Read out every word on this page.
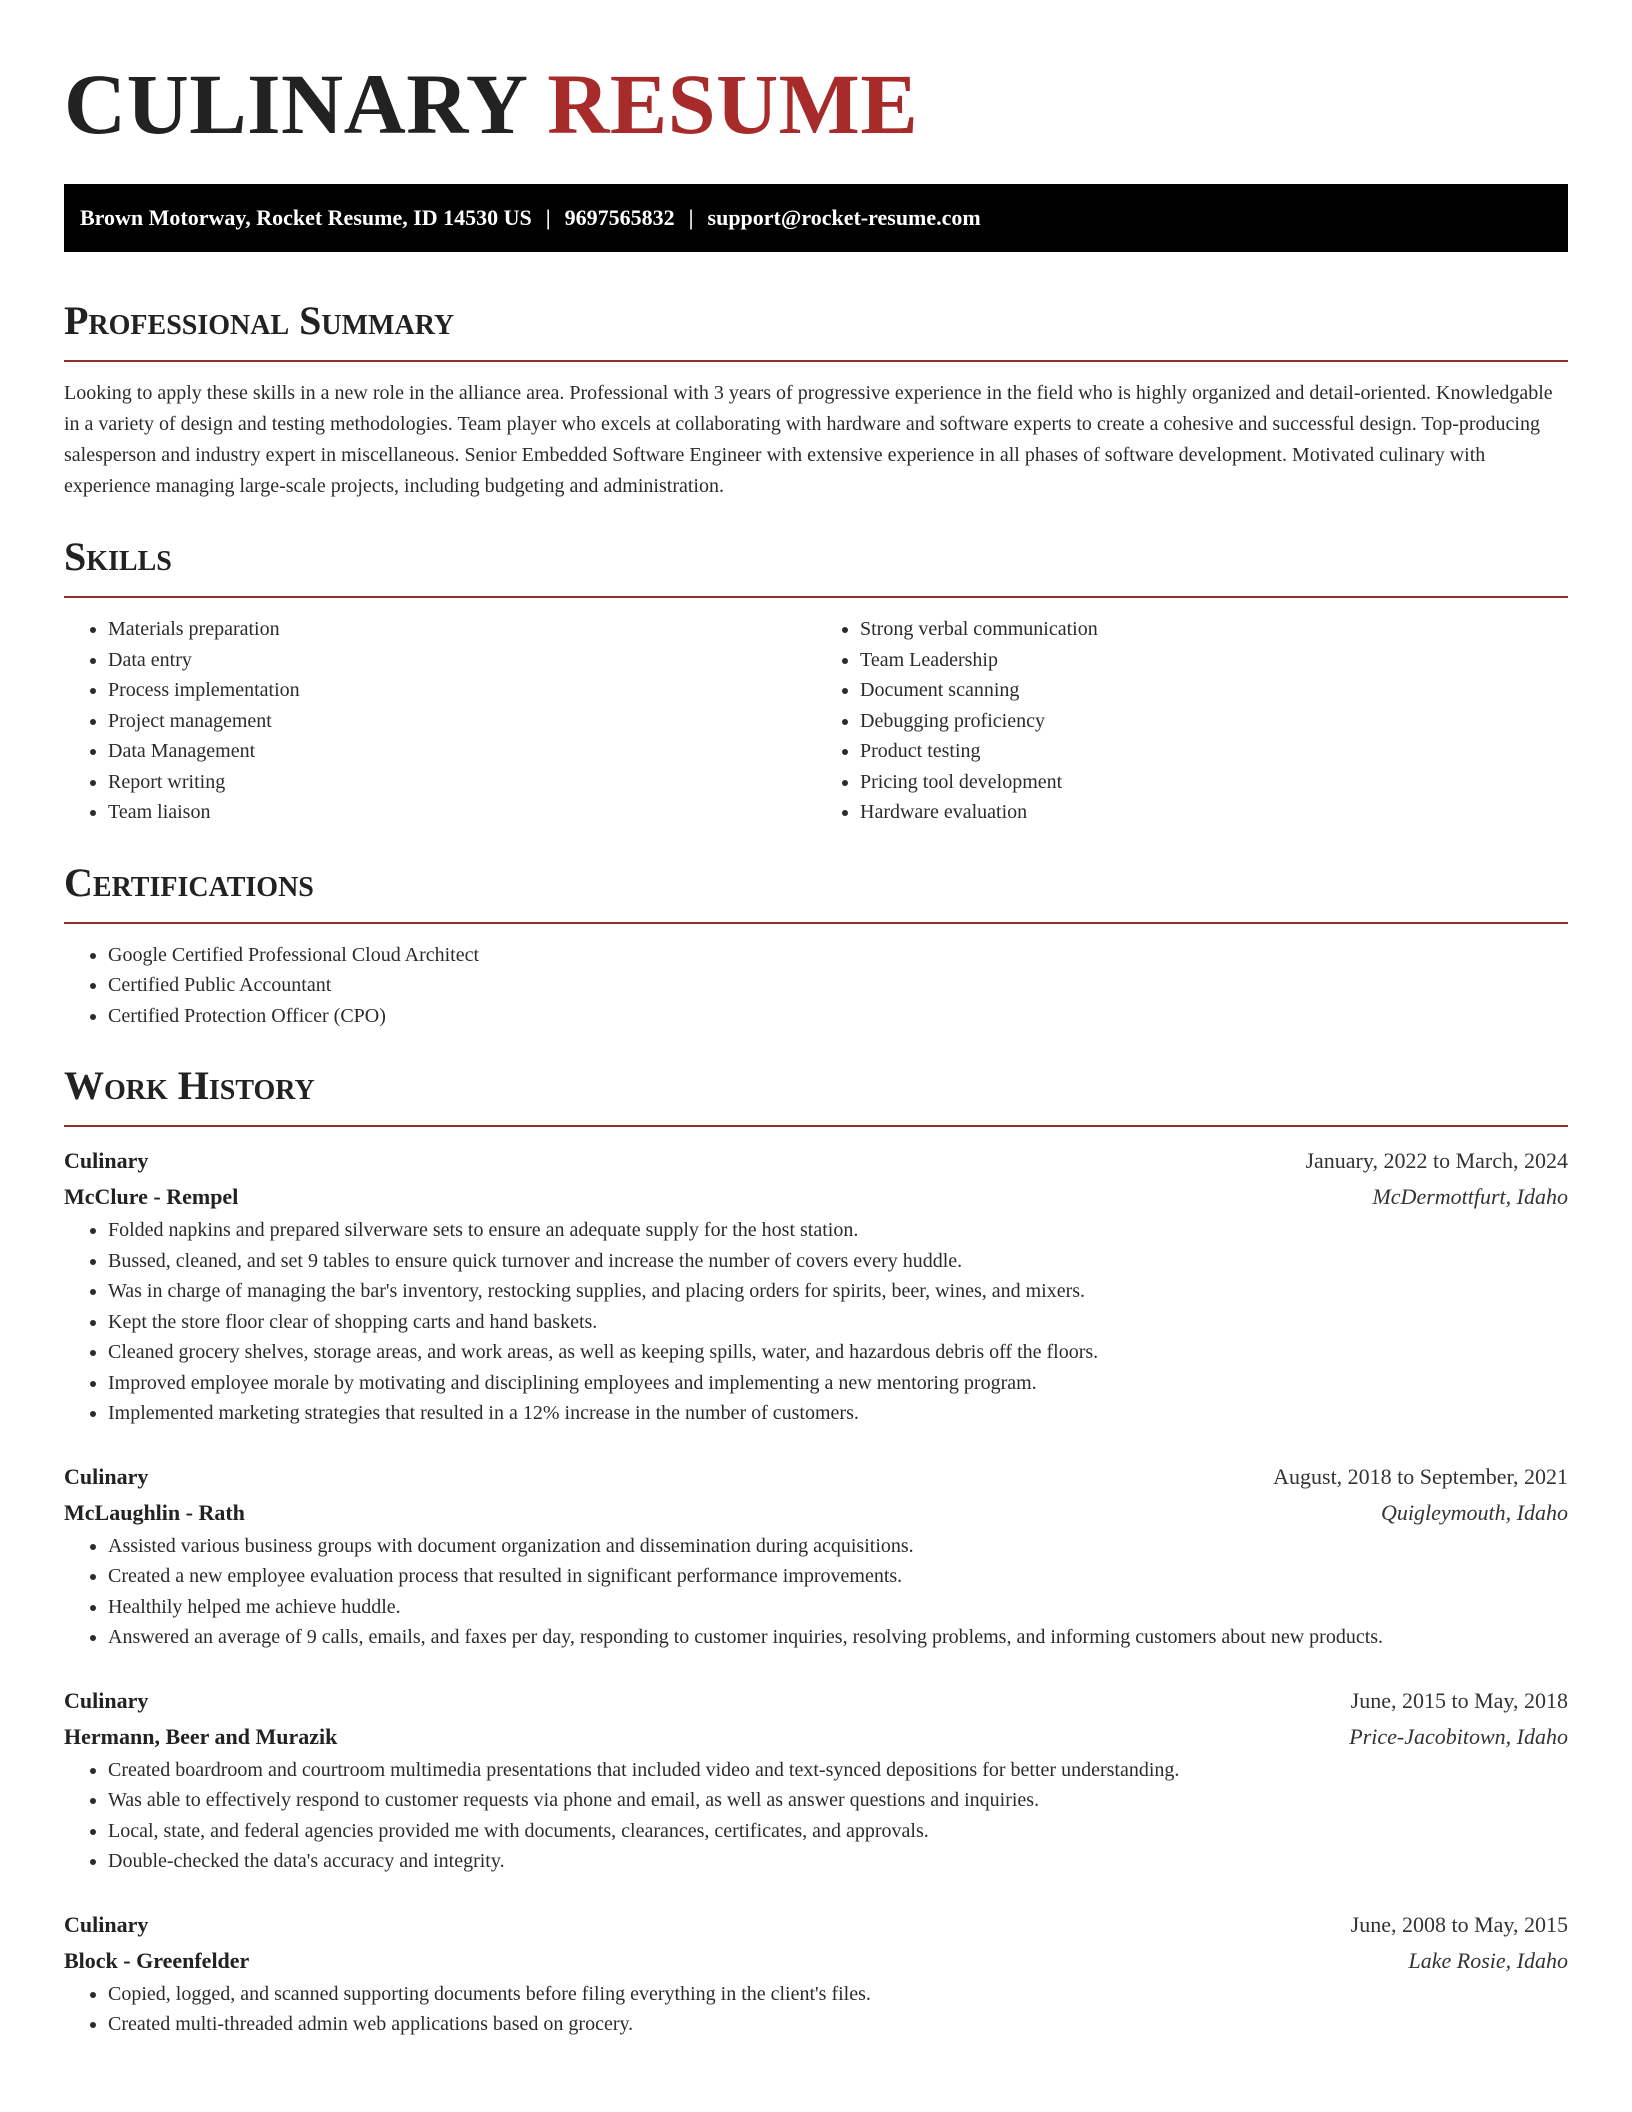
CULINARY RESUME
Brown Motorway, Rocket Resume, ID 14530 US | 9697565832 | support@rocket-resume.com
Professional Summary

Looking to apply these skills in a new role in the alliance area. Professional with 3 years of progressive experience in the field who is highly organized and detail-oriented. Knowledgable in a variety of design and testing methodologies. Team player who excels at collaborating with hardware and software experts to create a cohesive and successful design. Top-producing salesperson and industry expert in miscellaneous. Senior Embedded Software Engineer with extensive experience in all phases of software development. Motivated culinary with experience managing large-scale projects, including budgeting and administration.

Skills
• Materials preparation
• Data entry
• Process implementation
• Project management
• Data Management
• Report writing
• Team liaison
• Strong verbal communication
• Team Leadership
• Document scanning
• Debugging proficiency
• Product testing
• Pricing tool development
• Hardware evaluation
Certifications
• Google Certified Professional Cloud Architect
• Certified Public Accountant
• Certified Protection Officer (CPO)
Work History
Culinary	January, 2022 to March, 2024
McClure - Rempel	McDermottfurt, Idaho
• Folded napkins and prepared silverware sets to ensure an adequate supply for the host station.
• Bussed, cleaned, and set 9 tables to ensure quick turnover and increase the number of covers every huddle.
• Was in charge of managing the bar's inventory, restocking supplies, and placing orders for spirits, beer, wines, and mixers.
• Kept the store floor clear of shopping carts and hand baskets.
• Cleaned grocery shelves, storage areas, and work areas, as well as keeping spills, water, and hazardous debris off the floors.
• Improved employee morale by motivating and disciplining employees and implementing a new mentoring program.
• Implemented marketing strategies that resulted in a 12% increase in the number of customers.
Culinary	August, 2018 to September, 2021
McLaughlin - Rath	Quigleymouth, Idaho
• Assisted various business groups with document organization and dissemination during acquisitions.
• Created a new employee evaluation process that resulted in significant performance improvements.
• Healthily helped me achieve huddle.
• Answered an average of 9 calls, emails, and faxes per day, responding to customer inquiries, resolving problems, and informing customers about new products.
Culinary	June, 2015 to May, 2018
Hermann, Beer and Murazik	Price-Jacobitown, Idaho
• Created boardroom and courtroom multimedia presentations that included video and text-synced depositions for better understanding.
• Was able to effectively respond to customer requests via phone and email, as well as answer questions and inquiries.
• Local, state, and federal agencies provided me with documents, clearances, certificates, and approvals.
• Double-checked the data's accuracy and integrity.
Culinary	June, 2008 to May, 2015
Block - Greenfelder	Lake Rosie, Idaho
• Copied, logged, and scanned supporting documents before filing everything in the client's files.
• Created multi-threaded admin web applications based on grocery.
